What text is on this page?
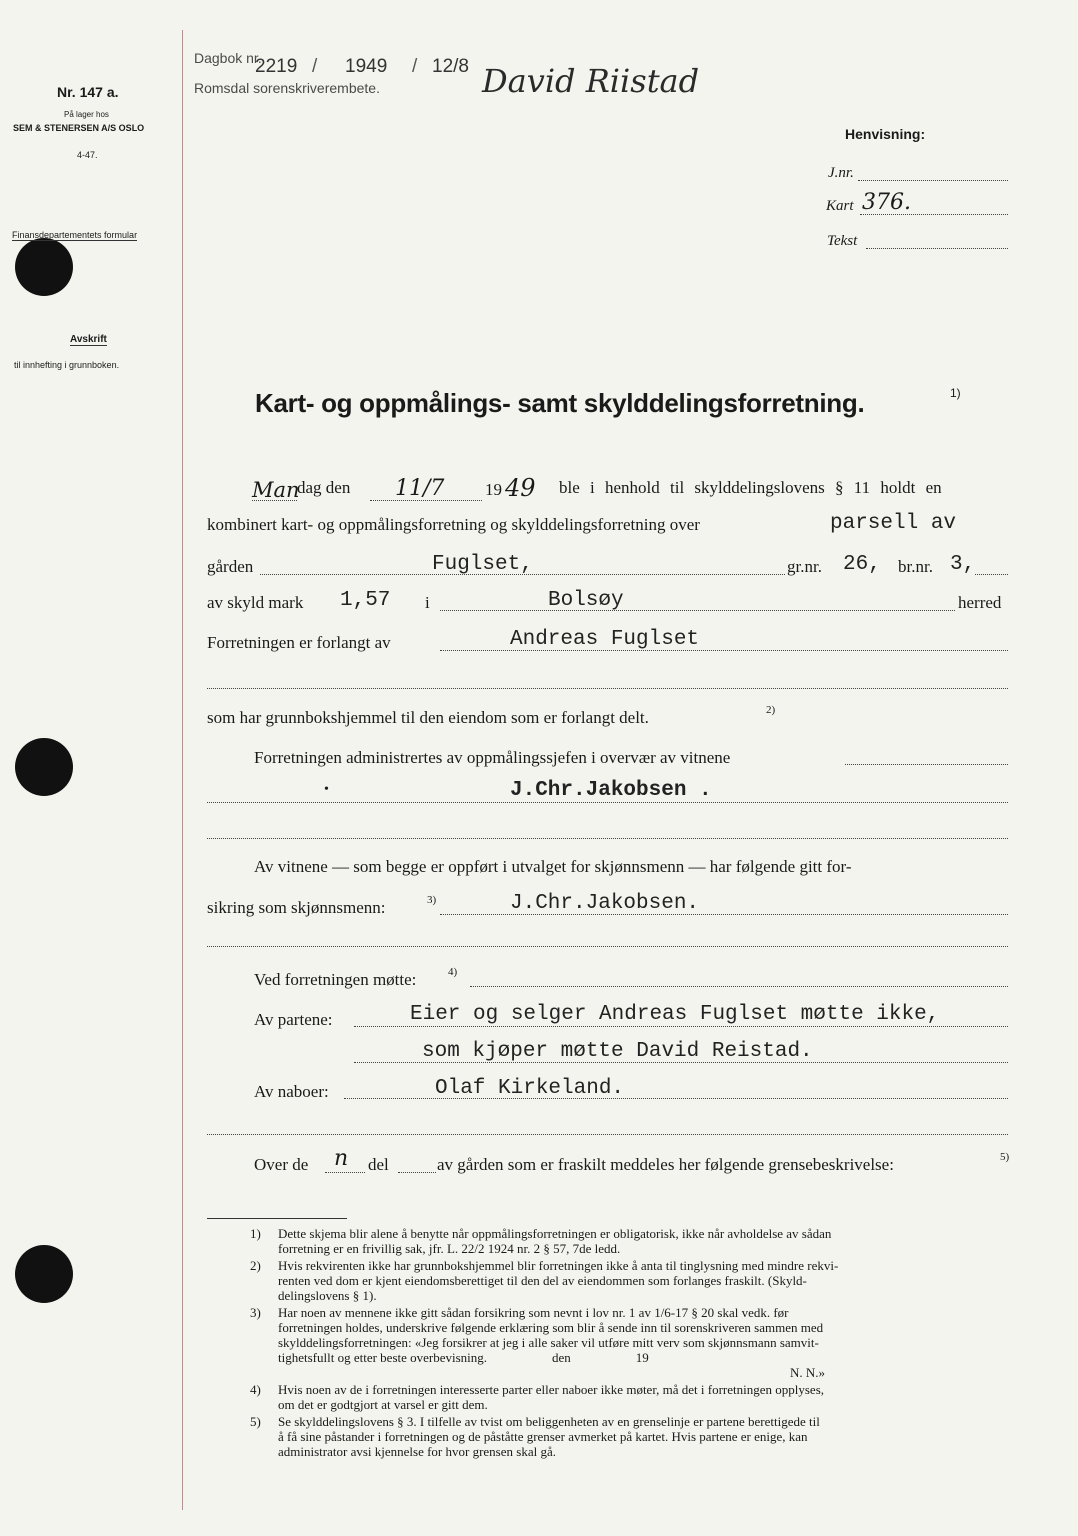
Nr. 147 a.
På lager hos
SEM & STENERSEN A/S OSLO
4-47.
Finansdepartementets formular
Avskrift
til innhefting i grunnboken.
Dagbok nr.
2219 / 1949 / 12/8
Romsdal sorenskriverembete.	David Riistad
Henvisning:
J.nr.
Kart 376.
Tekst
Kart- og oppmålings- samt skylddelingsforretning.	1)
Man
dag den 11/7 19 49 ble i henhold til skylddelingslovens § 11 holdt en
kombinert kart- og oppmålingsforretning og skylddelingsforretning over	parsell av
gården	Fuglset,	gr.nr. 26, br.nr. 3,
av skyld mark 1,57 i	Bolsøy	herred
Forretningen er forlangt av	Andreas Fuglset
som har grunnbokshjemmel til den eiendom som er forlangt delt.	2)
Forretningen administrertes av oppmålingssjefen i overvær av vitnene
•	J.Chr.Jakobsen .
Av vitnene — som begge er oppført i utvalget for skjønnsmenn — har følgende gitt for-
sikring som skjønnsmenn:	3)	J.Chr.Jakobsen.
Ved forretningen møtte:	4)
Av partene:	Eier og selger Andreas Fuglset møtte ikke,
som kjøper møtte David Reistad.
Av naboer:	Olaf Kirkeland.
Over de n del	av gården som er fraskilt meddeles her følgende grensebeskrivelse:	5)
1) Dette skjema blir alene å benytte når oppmålingsforretningen er obligatorisk, ikke når avholdelse av sådan
forretning er en frivillig sak, jfr. L. 22/2 1924 nr. 2 § 57, 7de ledd.
2) Hvis rekvirenten ikke har grunnbokshjemmel blir forretningen ikke å anta til tinglysning med mindre rekvi-
renten ved dom er kjent eiendomsberettiget til den del av eiendommen som forlanges fraskilt. (Skyld-
delingslovens § 1).
3) Har noen av mennene ikke gitt sådan forsikring som nevnt i lov nr. 1 av 1/6-17 § 20 skal vedk. før
forretningen holdes, underskrive følgende erklæring som blir å sende inn til sorenskriveren sammen med
skylddelingsforretningen: «Jeg forsikrer at jeg i alle saker vil utføre mitt verv som skjønnsmann samvit-
tighetsfullt og etter beste overbevisning.                    den                    19
N. N.»
4) Hvis noen av de i forretningen interesserte parter eller naboer ikke møter, må det i forretningen opplyses,
om det er godtgjort at varsel er gitt dem.
5) Se skylddelingslovens § 3. I tilfelle av tvist om beliggenheten av en grenselinje er partene berettigede til
å få sine påstander i forretningen og de påståtte grenser avmerket på kartet. Hvis partene er enige, kan
administrator avsi kjennelse for hvor grensen skal gå.
